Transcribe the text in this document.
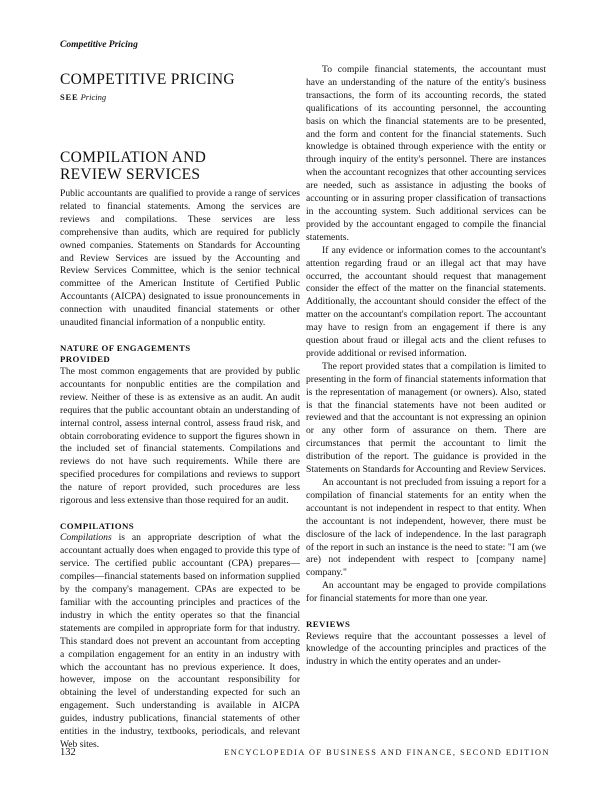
Competitive Pricing
COMPETITIVE PRICING
SEE Pricing
COMPILATION AND
REVIEW SERVICES

Public accountants are qualified to provide a range of services related to financial statements. Among the services are reviews and compilations. These services are less comprehensive than audits, which are required for publicly owned companies. Statements on Standards for Accounting and Review Services are issued by the Accounting and Review Services Committee, which is the senior technical committee of the American Institute of Certified Public Accountants (AICPA) designated to issue pronouncements in connection with unaudited financial statements or other unaudited financial information of a nonpublic entity.

NATURE OF ENGAGEMENTS
PROVIDED

The most common engagements that are provided by public accountants for nonpublic entities are the compilation and review. Neither of these is as extensive as an audit. An audit requires that the public accountant obtain an understanding of internal control, assess internal control, assess fraud risk, and obtain corroborating evidence to support the figures shown in the included set of financial statements. Compilations and reviews do not have such requirements. While there are specified procedures for compilations and reviews to support the nature of report provided, such procedures are less rigorous and less extensive than those required for an audit.

COMPILATIONS

Compilations is an appropriate description of what the accountant actually does when engaged to provide this type of service. The certified public accountant (CPA) prepares—compiles—financial statements based on information supplied by the company's management. CPAs are expected to be familiar with the accounting principles and practices of the industry in which the entity operates so that the financial statements are compiled in appropriate form for that industry. This standard does not prevent an accountant from accepting a compilation engagement for an entity in an industry with which the accountant has no previous experience. It does, however, impose on the accountant responsibility for obtaining the level of understanding expected for such an engagement. Such understanding is available in AICPA guides, industry publications, financial statements of other entities in the industry, textbooks, periodicals, and relevant Web sites.

To compile financial statements, the accountant must have an understanding of the nature of the entity's business transactions, the form of its accounting records, the stated qualifications of its accounting personnel, the accounting basis on which the financial statements are to be presented, and the form and content for the financial statements. Such knowledge is obtained through experience with the entity or through inquiry of the entity's personnel. There are instances when the accountant recognizes that other accounting services are needed, such as assistance in adjusting the books of accounting or in assuring proper classification of transactions in the accounting system. Such additional services can be provided by the accountant engaged to compile the financial statements.

If any evidence or information comes to the accountant's attention regarding fraud or an illegal act that may have occurred, the accountant should request that management consider the effect of the matter on the financial statements. Additionally, the accountant should consider the effect of the matter on the accountant's compilation report. The accountant may have to resign from an engagement if there is any question about fraud or illegal acts and the client refuses to provide additional or revised information.

The report provided states that a compilation is limited to presenting in the form of financial statements information that is the representation of management (or owners). Also, stated is that the financial statements have not been audited or reviewed and that the accountant is not expressing an opinion or any other form of assurance on them. There are circumstances that permit the accountant to limit the distribution of the report. The guidance is provided in the Statements on Standards for Accounting and Review Services.

An accountant is not precluded from issuing a report for a compilation of financial statements for an entity when the accountant is not independent in respect to that entity. When the accountant is not independent, however, there must be disclosure of the lack of independence. In the last paragraph of the report in such an instance is the need to state: "I am (we are) not independent with respect to [company name] company."

An accountant may be engaged to provide compilations for financial statements for more than one year.

REVIEWS

Reviews require that the accountant possesses a level of knowledge of the accounting principles and practices of the industry in which the entity operates and an under-

132	ENCYCLOPEDIA OF BUSINESS AND FINANCE, SECOND EDITION
